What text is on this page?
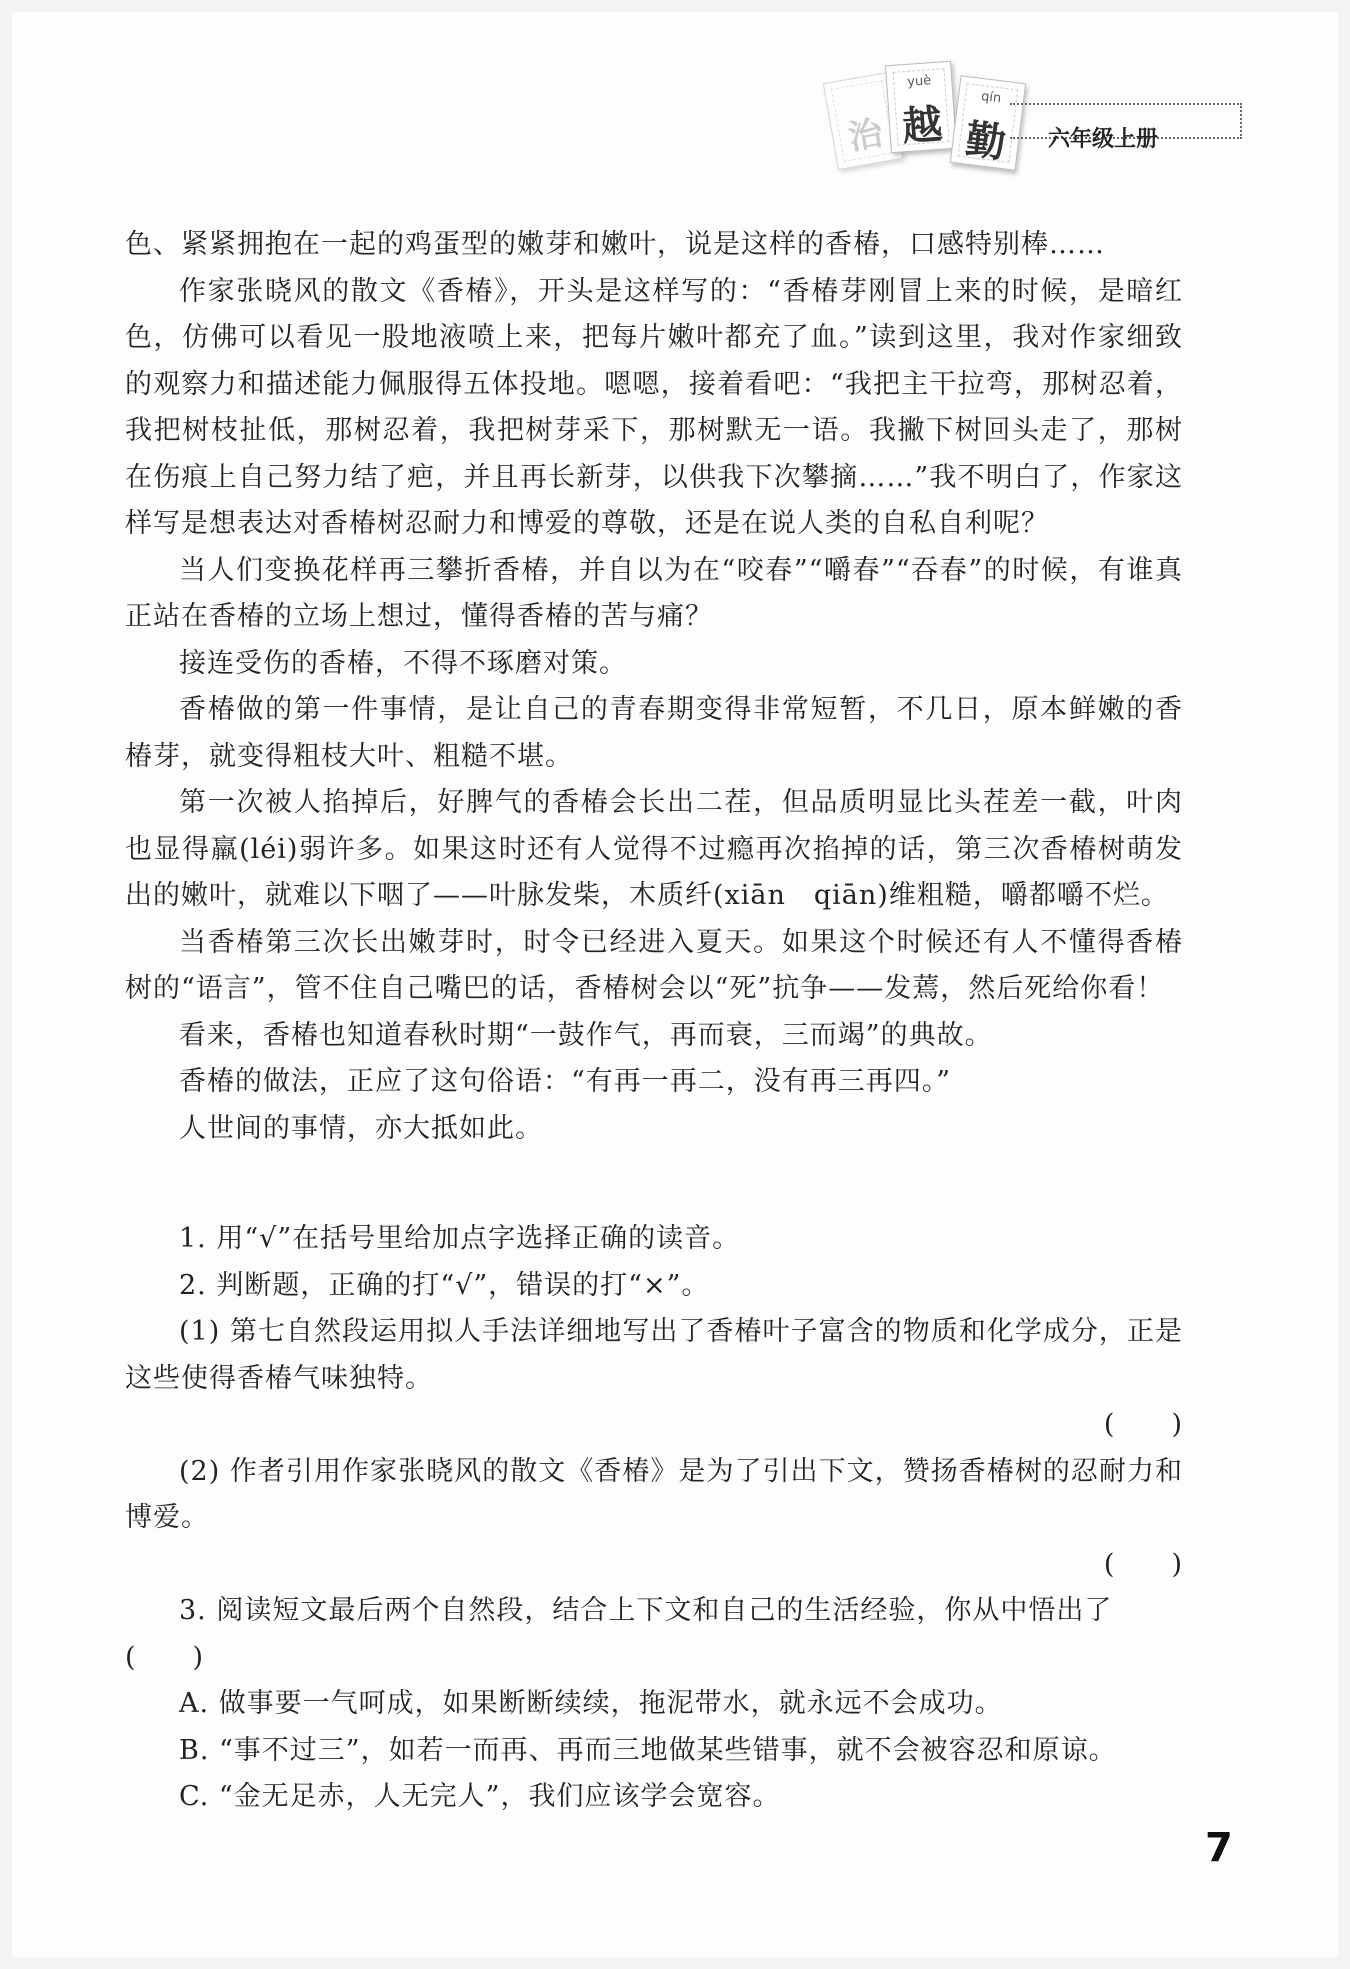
治
yuè
越
qín
勤	六年级上册

色、紧紧拥抱在一起的鸡蛋型的嫩芽和嫩叶，说是这样的香椿，口感特别棒……

作家张晓风的散文《香椿》，开头是这样写的：“香椿芽刚冒上来的时候，是暗红色，仿佛可以看见一股地液喷上来，把每片嫩叶都充了血。”读到这里，我对作家细致的观察力和描述能力佩服得五体投地。嗯嗯，接着看吧：“我把主干拉弯，那树忍着，我把树枝扯低，那树忍着，我把树芽采下，那树默无一语。我撇下树回头走了，那树在伤痕上自己努力结了疤，并且再长新芽，以供我下次攀摘……”我不明白了，作家这样写是想表达对香椿树忍耐力和博爱的尊敬，还是在说人类的自私自利呢？

当人们变换花样再三攀折香椿，并自以为在“咬春”“嚼春”“吞春”的时候，有谁真正站在香椿的立场上想过，懂得香椿的苦与痛？

接连受伤的香椿，不得不琢磨对策。

香椿做的第一件事情，是让自己的青春期变得非常短暂，不几日，原本鲜嫩的香椿芽，就变得粗枝大叶、粗糙不堪。

第一次被人掐掉后，好脾气的香椿会长出二茬，但品质明显比头茬差一截，叶肉也显得羸(léi)弱许多。如果这时还有人觉得不过瘾再次掐掉的话，第三次香椿树萌发出的嫩叶，就难以下咽了——叶脉发柴，木质纤(xiān　qiān)维粗糙，嚼都嚼不烂。

当香椿第三次长出嫩芽时，时令已经进入夏天。如果这个时候还有人不懂得香椿树的“语言”，管不住自己嘴巴的话，香椿树会以“死”抗争——发蔫，然后死给你看！

看来，香椿也知道春秋时期“一鼓作气，再而衰，三而竭”的典故。

香椿的做法，正应了这句俗语：“有再一再二，没有再三再四。”

人世间的事情，亦大抵如此。

1. 用“√”在括号里给加点字选择正确的读音。

2. 判断题，正确的打“√”，错误的打“×”。

(1) 第七自然段运用拟人手法详细地写出了香椿叶子富含的物质和化学成分，正是这些使得香椿气味独特。
(　　)

(2) 作者引用作家张晓风的散文《香椿》是为了引出下文，赞扬香椿树的忍耐力和博爱。
(　　)

3. 阅读短文最后两个自然段，结合上下文和自己的生活经验，你从中悟出了

(　　)

A. 做事要一气呵成，如果断断续续，拖泥带水，就永远不会成功。

B. “事不过三”，如若一而再、再而三地做某些错事，就不会被容忍和原谅。

C. “金无足赤，人无完人”，我们应该学会宽容。

7
